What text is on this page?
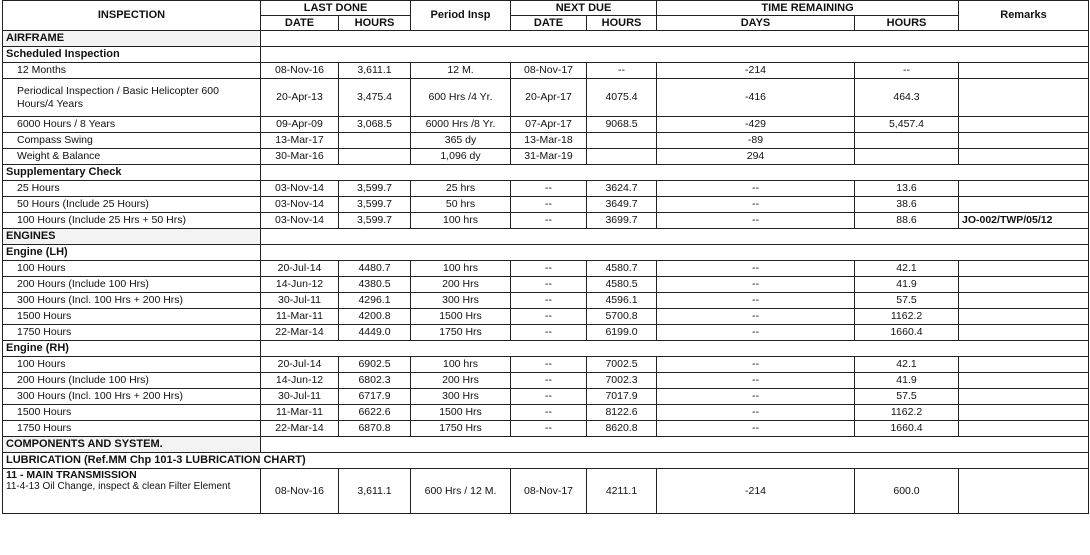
INSPECTION	LAST DONE		Period Insp	NEXT DUE		TIME REMAINING		Remarks
	DATE	HOURS		DATE	HOURS	DAYS	HOURS	
AIRFRAME								
Scheduled Inspection								
12 Months	08-Nov-16	3,611.1	12 M.	08-Nov-17	--	-214	--	
Periodical Inspection / Basic Helicopter 600 Hours/4 Years	20-Apr-13	3,475.4	600 Hrs /4 Yr.	20-Apr-17	4075.4	-416	464.3	
6000 Hours / 8 Years	09-Apr-09	3,068.5	6000 Hrs /8 Yr.	07-Apr-17	9068.5	-429	5,457.4	
Compass Swing	13-Mar-17		365 dy	13-Mar-18		-89		
Weight & Balance	30-Mar-16		1,096 dy	31-Mar-19		294		
Supplementary Check								
25 Hours	03-Nov-14	3,599.7	25 hrs	--	3624.7	--	13.6	
50 Hours (Include 25 Hours)	03-Nov-14	3,599.7	50 hrs	--	3649.7	--	38.6	
100 Hours (Include 25 Hrs + 50 Hrs)	03-Nov-14	3,599.7	100 hrs	--	3699.7	--	88.6	JO-002/TWP/05/12
ENGINES								
Engine (LH)								
100 Hours	20-Jul-14	4480.7	100 hrs	--	4580.7	--	42.1	
200 Hours (Include 100 Hrs)	14-Jun-12	4380.5	200 Hrs	--	4580.5	--	41.9	
300 Hours (Incl. 100 Hrs + 200 Hrs)	30-Jul-11	4296.1	300 Hrs	--	4596.1	--	57.5	
1500 Hours	11-Mar-11	4200.8	1500 Hrs	--	5700.8	--	1162.2	
1750 Hours	22-Mar-14	4449.0	1750 Hrs	--	6199.0	--	1660.4	
Engine (RH)								
100 Hours	20-Jul-14	6902.5	100 hrs	--	7002.5	--	42.1	
200 Hours (Include 100 Hrs)	14-Jun-12	6802.3	200 Hrs	--	7002.3	--	41.9	
300 Hours (Incl. 100 Hrs + 200 Hrs)	30-Jul-11	6717.9	300 Hrs	--	7017.9	--	57.5	
1500 Hours	11-Mar-11	6622.6	1500 Hrs	--	8122.6	--	1162.2	
1750 Hours	22-Mar-14	6870.8	1750 Hrs	--	8620.8	--	1660.4	
COMPONENTS AND SYSTEM.								
LUBRICATION (Ref.MM Chp 101-3 LUBRICATION CHART)								

11 - MAIN TRANSMISSION
11-4-13 Oil Change, inspect & clean Filter Element	08-Nov-16	3,611.1	600 Hrs / 12 M.	08-Nov-17	4211.1	-214	600.0	
